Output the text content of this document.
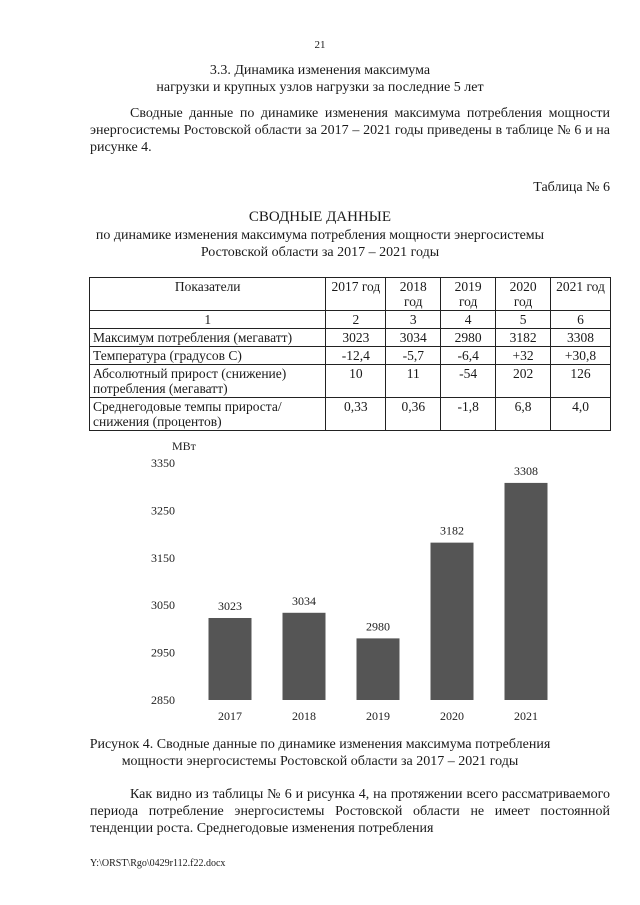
21
3.3. Динамика изменения максимума
нагрузки и крупных узлов нагрузки за последние 5 лет

Сводные данные по динамике изменения максимума потребления мощности энергосистемы Ростовской области за 2017 – 2021 годы приведены в таблице № 6 и на рисунке 4.

Таблица № 6
СВОДНЫЕ ДАННЫЕ
по динамике изменения максимума потребления мощности энергосистемы
Ростовской области за 2017 – 2021 годы
Показатели	2017 год	2018 год	2019 год	2020 год	2021 год
1	2	3	4	5	6
Максимум потребления (мегаватт)	3023	3034	2980	3182	3308
Температура (градусов С)	-12,4	-5,7	-6,4	+32	+30,8
Абсолютный прирост (снижение) потребления (мегаватт)	10	11	-54	202	126
Среднегодовые темпы прироста/снижения (процентов)	0,33	0,36	-1,8	6,8	4,0
МВт
2850
2950
3050
3150
3250
3350
3023
2017
3034
2018
2980
2019
3182
2020
3308
2021
Рисунок 4. Сводные данные по динамике изменения максимума потребления
мощности энергосистемы Ростовской области за 2017 – 2021 годы

Как видно из таблицы № 6 и рисунка 4, на протяжении всего рассматриваемого периода потребление энергосистемы Ростовской области не имеет постоянной тенденции роста. Среднегодовые изменения потребления

Y:\ORST\Rgo\0429r112.f22.docx
